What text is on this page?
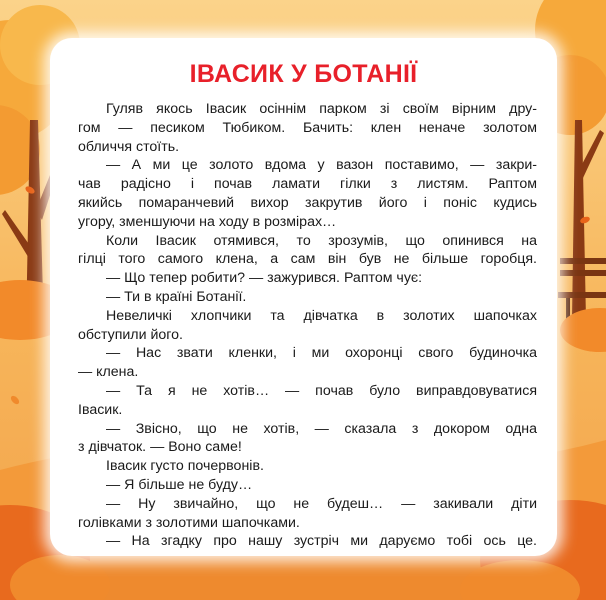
ІВАСИК У БОТАНІЇ
Гуляв якось Івасик осіннім парком зі своїм вірним дру-
гом — песиком Тюбиком. Бачить: клен неначе золотом
обличчя стоїть.
— А ми це золото вдома у вазон поставимо, — закри-
чав радісно і почав ламати гілки з листям. Раптом
якийсь помаранчевий вихор закрутив його і поніс кудись
угору, зменшуючи на ходу в розмірах…
Коли Івасик отямився, то зрозумів, що опинився на
гілці того самого клена, а сам він був не більше горобця.
— Що тепер робити? — зажурився. Раптом чує:
— Ти в країні Ботанії.
Невеличкі хлопчики та дівчатка в золотих шапочках
обступили його.
— Нас звати кленки, і ми охоронці свого будиночка
— клена.
— Та я не хотів… — почав було виправдовуватися
Івасик.
— Звісно, що не хотів, — сказала з докором одна
з дівчаток. — Воно саме!
Івасик густо почервонів.
— Я більше не буду…
— Ну звичайно, що не будеш… — закивали діти
голівками з золотими шапочками.
— На згадку про нашу зустріч ми даруємо тобі ось це.
